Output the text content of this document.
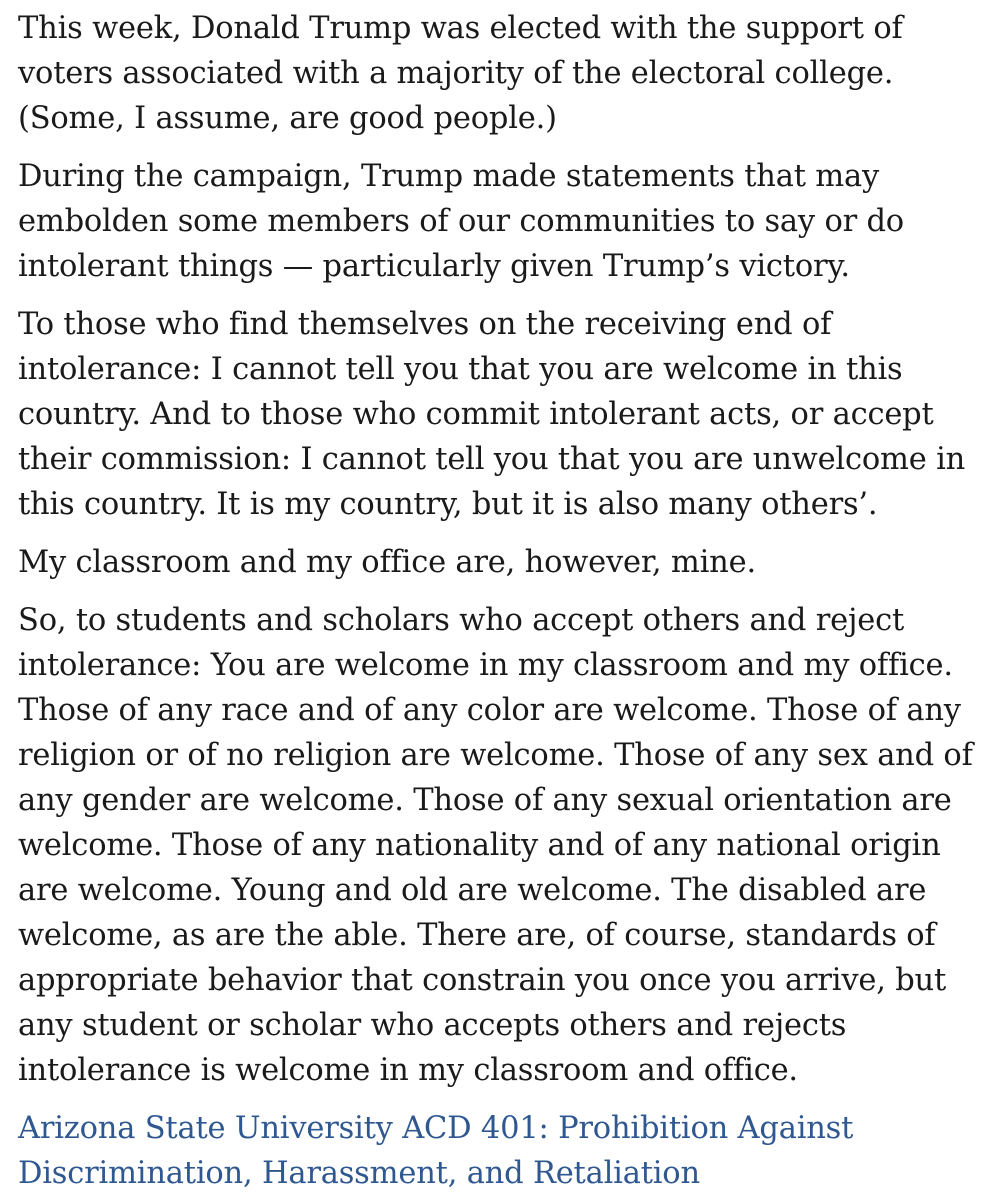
This week, Donald Trump was elected with the support of
voters associated with a majority of the electoral college.
(Some, I assume, are good people.)

During the campaign, Trump made statements that may
embolden some members of our communities to say or do
intolerant things — particularly given Trump’s victory.

To those who find themselves on the receiving end of
intolerance: I cannot tell you that you are welcome in this
country. And to those who commit intolerant acts, or accept
their commission: I cannot tell you that you are unwelcome in
this country. It is my country, but it is also many others’.

My classroom and my office are, however, mine.

So, to students and scholars who accept others and reject
intolerance: You are welcome in my classroom and my office.
Those of any race and of any color are welcome. Those of any
religion or of no religion are welcome. Those of any sex and of
any gender are welcome. Those of any sexual orientation are
welcome. Those of any nationality and of any national origin
are welcome. Young and old are welcome. The disabled are
welcome, as are the able. There are, of course, standards of
appropriate behavior that constrain you once you arrive, but
any student or scholar who accepts others and rejects
intolerance is welcome in my classroom and office.

Arizona State University ACD 401: Prohibition Against
Discrimination, Harassment, and Retaliation
